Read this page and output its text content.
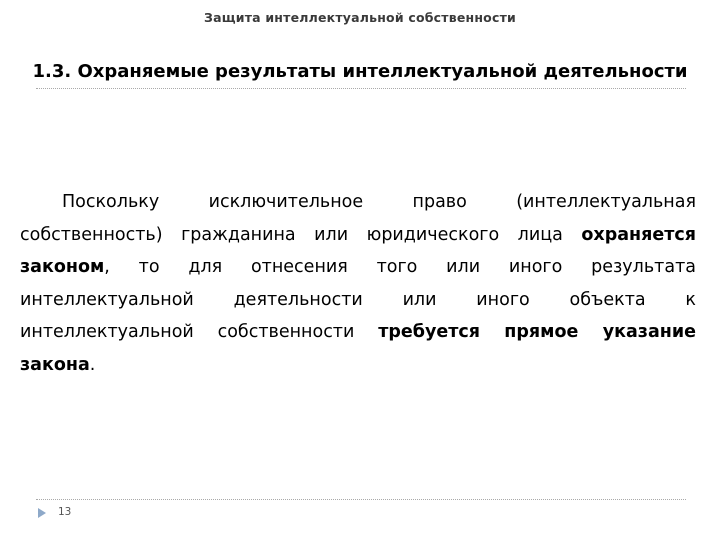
Защита интеллектуальной собственности
1.3. Охраняемые результаты интеллектуальной деятельности
Поскольку исключительное право (интеллектуальная собственность) гражданина или юридического лица охраняется законом, то для отнесения того или иного результата интеллектуальной деятельности или иного объекта к интеллектуальной собственности требуется прямое указание закона.
13
